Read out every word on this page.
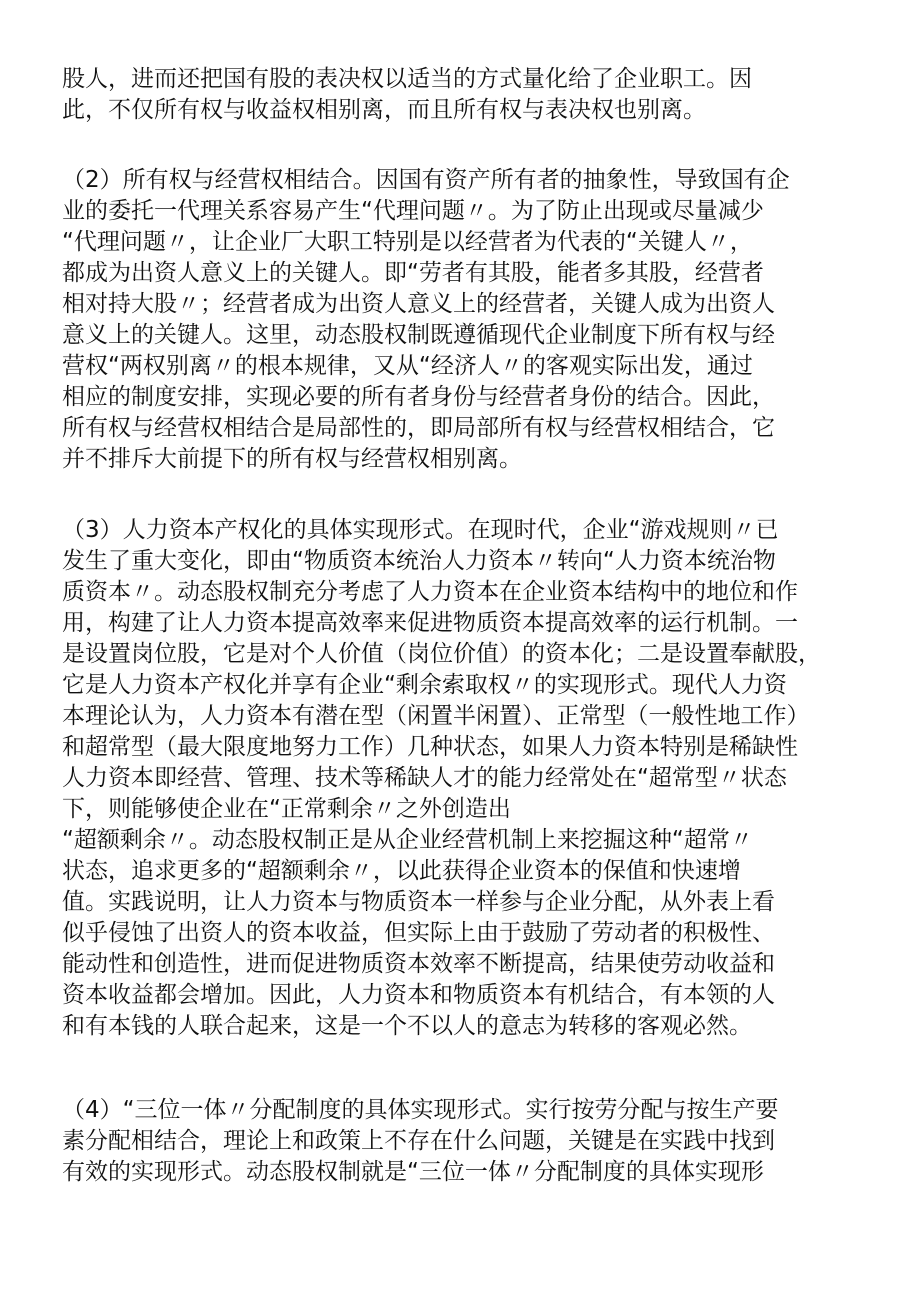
股人，进而还把国有股的表决权以适当的方式量化给了企业职工。因
此，不仅所有权与收益权相别离，而且所有权与表决权也别离。
（2）所有权与经营权相结合。因国有资产所有者的抽象性，导致国有企
业的委托一代理关系容易产生“代理问题〃。为了防止出现或尽量减少
“代理问题〃，让企业厂大职工特别是以经营者为代表的“关键人〃，
都成为出资人意义上的关键人。即“劳者有其股，能者多其股，经营者
相对持大股〃；经营者成为出资人意义上的经营者，关键人成为出资人
意义上的关键人。这里，动态股权制既遵循现代企业制度下所有权与经
营权“两权别离〃的根本规律，又从“经济人〃的客观实际出发，通过
相应的制度安排，实现必要的所有者身份与经营者身份的结合。因此，
所有权与经营权相结合是局部性的，即局部所有权与经营权相结合，它
并不排斥大前提下的所有权与经营权相别离。
（3）人力资本产权化的具体实现形式。在现时代，企业“游戏规则〃已
发生了重大变化，即由“物质资本统治人力资本〃转向“人力资本统治物
质资本〃。动态股权制充分考虑了人力资本在企业资本结构中的地位和作
用，构建了让人力资本提高效率来促进物质资本提高效率的运行机制。一
是设置岗位股，它是对个人价值（岗位价值）的资本化；二是设置奉献股，
它是人力资本产权化并享有企业“剩余索取权〃的实现形式。现代人力资
本理论认为，人力资本有潜在型（闲置半闲置）、正常型（一般性地工作）
和超常型（最大限度地努力工作）几种状态，如果人力资本特别是稀缺性
人力资本即经营、管理、技术等稀缺人才的能力经常处在“超常型〃状态
下，则能够使企业在“正常剩余〃之外创造出
“超额剩余〃。动态股权制正是从企业经营机制上来挖掘这种“超常〃
状态，追求更多的“超额剩余〃，以此获得企业资本的保值和快速增
值。实践说明，让人力资本与物质资本一样参与企业分配，从外表上看
似乎侵蚀了出资人的资本收益，但实际上由于鼓励了劳动者的积极性、
能动性和创造性，进而促进物质资本效率不断提高，结果使劳动收益和
资本收益都会增加。因此，人力资本和物质资本有机结合，有本领的人
和有本钱的人联合起来，这是一个不以人的意志为转移的客观必然。
（4）“三位一体〃分配制度的具体实现形式。实行按劳分配与按生产要
素分配相结合，理论上和政策上不存在什么问题，关键是在实践中找到
有效的实现形式。动态股权制就是“三位一体〃分配制度的具体实现形
